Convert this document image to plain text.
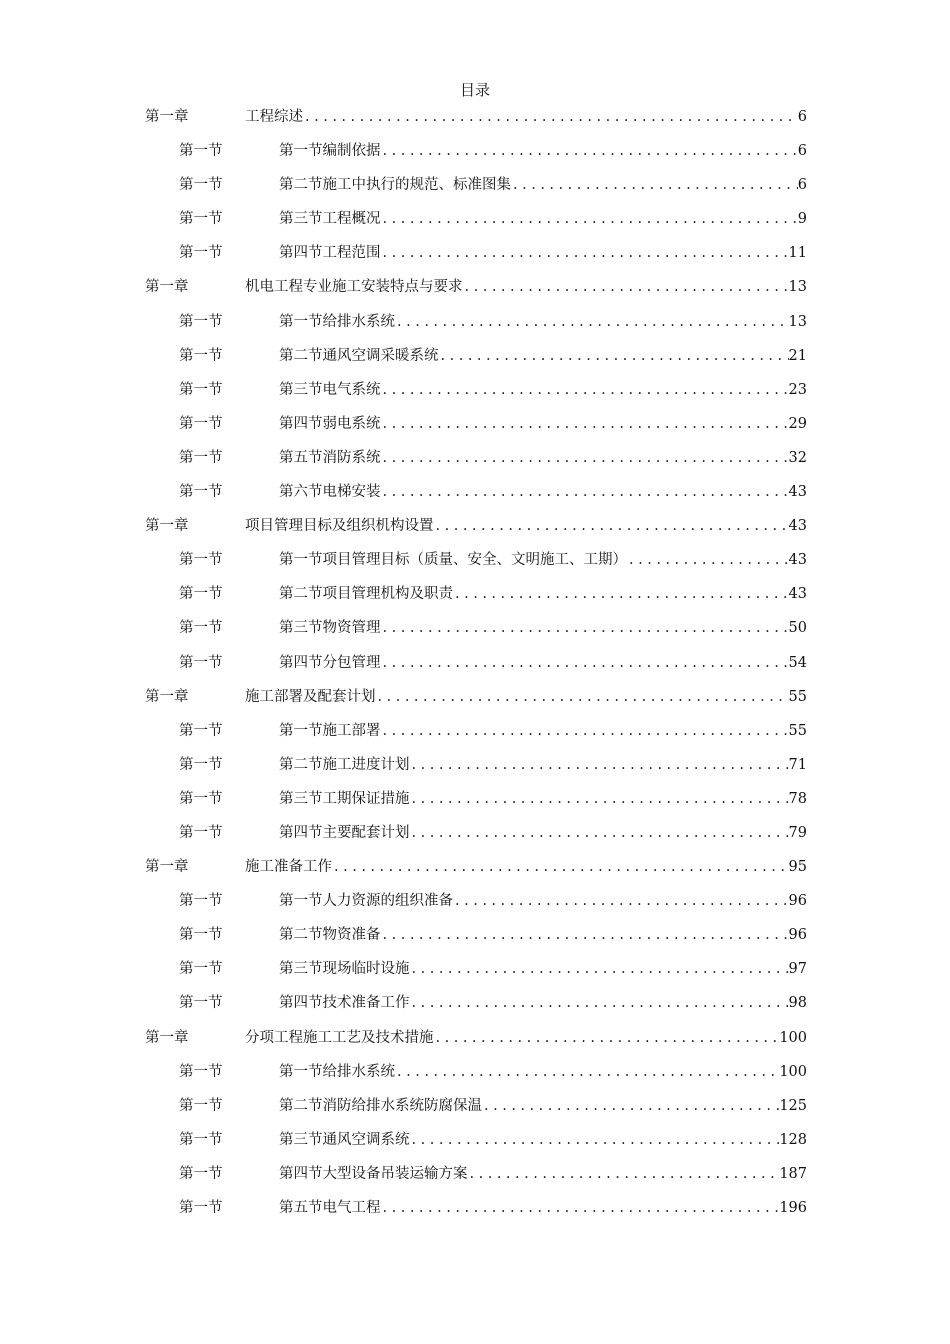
目录
第一章	工程综述 .....	6
第一节	第一节编制依据 .....	6
第一节	第二节施工中执行的规范、标准图集 .....	6
第一节	第三节工程概况 .....	9
第一节	第四节工程范围 .....	11
第一章	机电工程专业施工安装特点与要求 .....	13
第一节	第一节给排水系统 .....	13
第一节	第二节通风空调采暖系统 .....	21
第一节	第三节电气系统 .....	23
第一节	第四节弱电系统 .....	29
第一节	第五节消防系统 .....	32
第一节	第六节电梯安装 .....	43
第一章	项目管理目标及组织机构设置 .....	43
第一节	第一节项目管理目标（质量、安全、文明施工、工期） .....	43
第一节	第二节项目管理机构及职责 .....	43
第一节	第三节物资管理 .....	50
第一节	第四节分包管理 .....	54
第一章	施工部署及配套计划 .....	55
第一节	第一节施工部署 .....	55
第一节	第二节施工进度计划 .....	71
第一节	第三节工期保证措施 .....	78
第一节	第四节主要配套计划 .....	79
第一章	施工准备工作 .....	95
第一节	第一节人力资源的组织准备 .....	96
第一节	第二节物资准备 .....	96
第一节	第三节现场临时设施 .....	97
第一节	第四节技术准备工作 .....	98
第一章	分项工程施工工艺及技术措施 .....	100
第一节	第一节给排水系统 .....	100
第一节	第二节消防给排水系统防腐保温 .....	125
第一节	第三节通风空调系统 .....	128
第一节	第四节大型设备吊装运输方案 .....	187
第一节	第五节电气工程 .....	196
